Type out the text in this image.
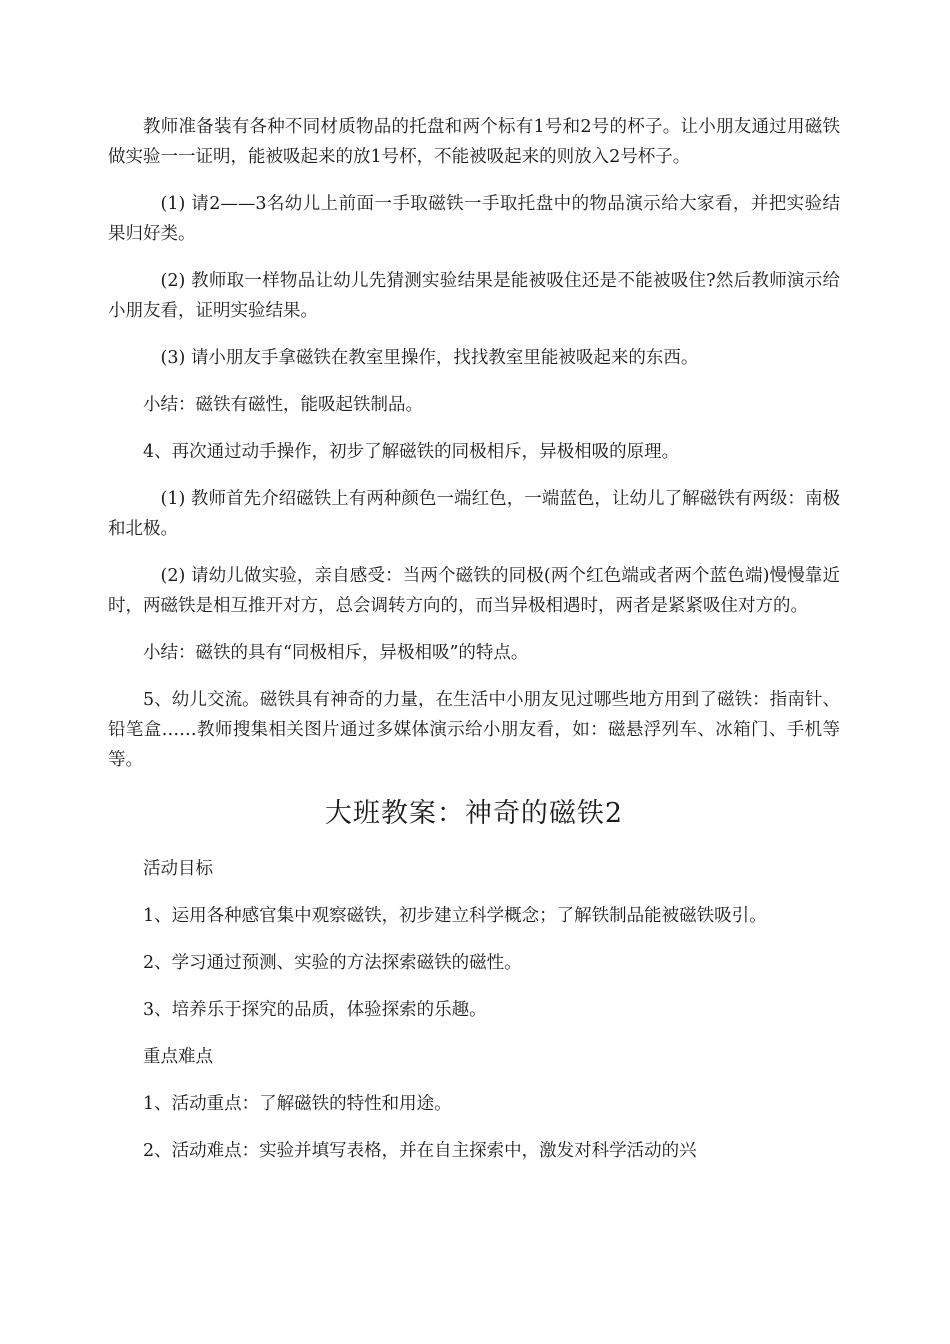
教师准备装有各种不同材质物品的托盘和两个标有1号和2号的杯子。让小朋友通过用磁铁做实验一一证明，能被吸起来的放1号杯，不能被吸起来的则放入2号杯子。

(1) 请2——3名幼儿上前面一手取磁铁一手取托盘中的物品演示给大家看，并把实验结果归好类。

(2) 教师取一样物品让幼儿先猜测实验结果是能被吸住还是不能被吸住?然后教师演示给小朋友看，证明实验结果。

(3) 请小朋友手拿磁铁在教室里操作，找找教室里能被吸起来的东西。

小结：磁铁有磁性，能吸起铁制品。

4、再次通过动手操作，初步了解磁铁的同极相斥，异极相吸的原理。

(1) 教师首先介绍磁铁上有两种颜色一端红色，一端蓝色，让幼儿了解磁铁有两级：南极和北极。

(2) 请幼儿做实验，亲自感受：当两个磁铁的同极(两个红色端或者两个蓝色端)慢慢靠近时，两磁铁是相互推开对方，总会调转方向的，而当异极相遇时，两者是紧紧吸住对方的。

小结：磁铁的具有“同极相斥，异极相吸”的特点。

5、幼儿交流。磁铁具有神奇的力量，在生活中小朋友见过哪些地方用到了磁铁：指南针、铅笔盒……教师搜集相关图片通过多媒体演示给小朋友看，如：磁悬浮列车、冰箱门、手机等等。

大班教案：神奇的磁铁2

活动目标

1、运用各种感官集中观察磁铁，初步建立科学概念；了解铁制品能被磁铁吸引。

2、学习通过预测、实验的方法探索磁铁的磁性。

3、培养乐于探究的品质，体验探索的乐趣。

重点难点

1、活动重点：了解磁铁的特性和用途。

2、活动难点：实验并填写表格，并在自主探索中，激发对科学活动的兴
